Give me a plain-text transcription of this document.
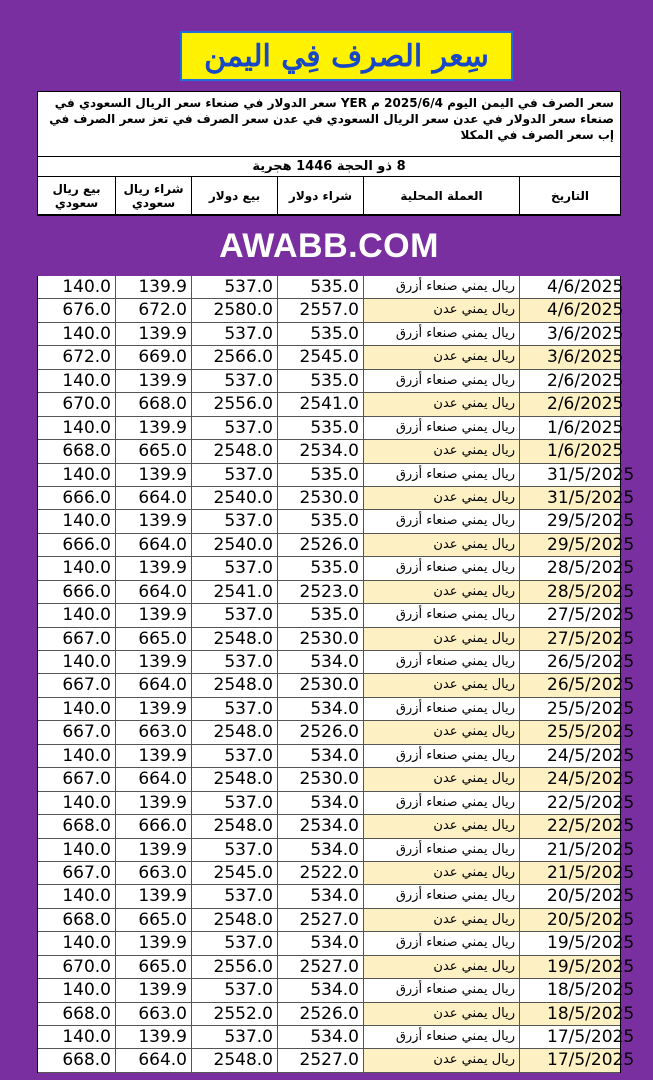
سِعر الصرف فِي اليمن
سعر الصرف في اليمن اليوم 2025/6/4 م YER سعر الدولار في صنعاء سعر الريال السعودي في صنعاء سعر الدولار في عدن سعر الريال السعودي في عدن سعر الصرف في تعز سعر الصرف في إب سعر الصرف في المكلا
8 ذو الحجة 1446 هجرية
التاريخ
العملة المحلية
شراء دولار
بيع دولار
شراء ريال سعودي
بيع ريال سعودي
AWABB.COM
4/6/2025
ريال يمني صنعاء أزرق
535.0
537.0
139.9
140.0
4/6/2025
ريال يمني عدن
2557.0
2580.0
672.0
676.0
3/6/2025
ريال يمني صنعاء أزرق
535.0
537.0
139.9
140.0
3/6/2025
ريال يمني عدن
2545.0
2566.0
669.0
672.0
2/6/2025
ريال يمني صنعاء أزرق
535.0
537.0
139.9
140.0
2/6/2025
ريال يمني عدن
2541.0
2556.0
668.0
670.0
1/6/2025
ريال يمني صنعاء أزرق
535.0
537.0
139.9
140.0
1/6/2025
ريال يمني عدن
2534.0
2548.0
665.0
668.0
31/5/2025
ريال يمني صنعاء أزرق
535.0
537.0
139.9
140.0
31/5/2025
ريال يمني عدن
2530.0
2540.0
664.0
666.0
29/5/2025
ريال يمني صنعاء أزرق
535.0
537.0
139.9
140.0
29/5/2025
ريال يمني عدن
2526.0
2540.0
664.0
666.0
28/5/2025
ريال يمني صنعاء أزرق
535.0
537.0
139.9
140.0
28/5/2025
ريال يمني عدن
2523.0
2541.0
664.0
666.0
27/5/2025
ريال يمني صنعاء أزرق
535.0
537.0
139.9
140.0
27/5/2025
ريال يمني عدن
2530.0
2548.0
665.0
667.0
26/5/2025
ريال يمني صنعاء أزرق
534.0
537.0
139.9
140.0
26/5/2025
ريال يمني عدن
2530.0
2548.0
664.0
667.0
25/5/2025
ريال يمني صنعاء أزرق
534.0
537.0
139.9
140.0
25/5/2025
ريال يمني عدن
2526.0
2548.0
663.0
667.0
24/5/2025
ريال يمني صنعاء أزرق
534.0
537.0
139.9
140.0
24/5/2025
ريال يمني عدن
2530.0
2548.0
664.0
667.0
22/5/2025
ريال يمني صنعاء أزرق
534.0
537.0
139.9
140.0
22/5/2025
ريال يمني عدن
2534.0
2548.0
666.0
668.0
21/5/2025
ريال يمني صنعاء أزرق
534.0
537.0
139.9
140.0
21/5/2025
ريال يمني عدن
2522.0
2545.0
663.0
667.0
20/5/2025
ريال يمني صنعاء أزرق
534.0
537.0
139.9
140.0
20/5/2025
ريال يمني عدن
2527.0
2548.0
665.0
668.0
19/5/2025
ريال يمني صنعاء أزرق
534.0
537.0
139.9
140.0
19/5/2025
ريال يمني عدن
2527.0
2556.0
665.0
670.0
18/5/2025
ريال يمني صنعاء أزرق
534.0
537.0
139.9
140.0
18/5/2025
ريال يمني عدن
2526.0
2552.0
663.0
668.0
17/5/2025
ريال يمني صنعاء أزرق
534.0
537.0
139.9
140.0
17/5/2025
ريال يمني عدن
2527.0
2548.0
664.0
668.0
